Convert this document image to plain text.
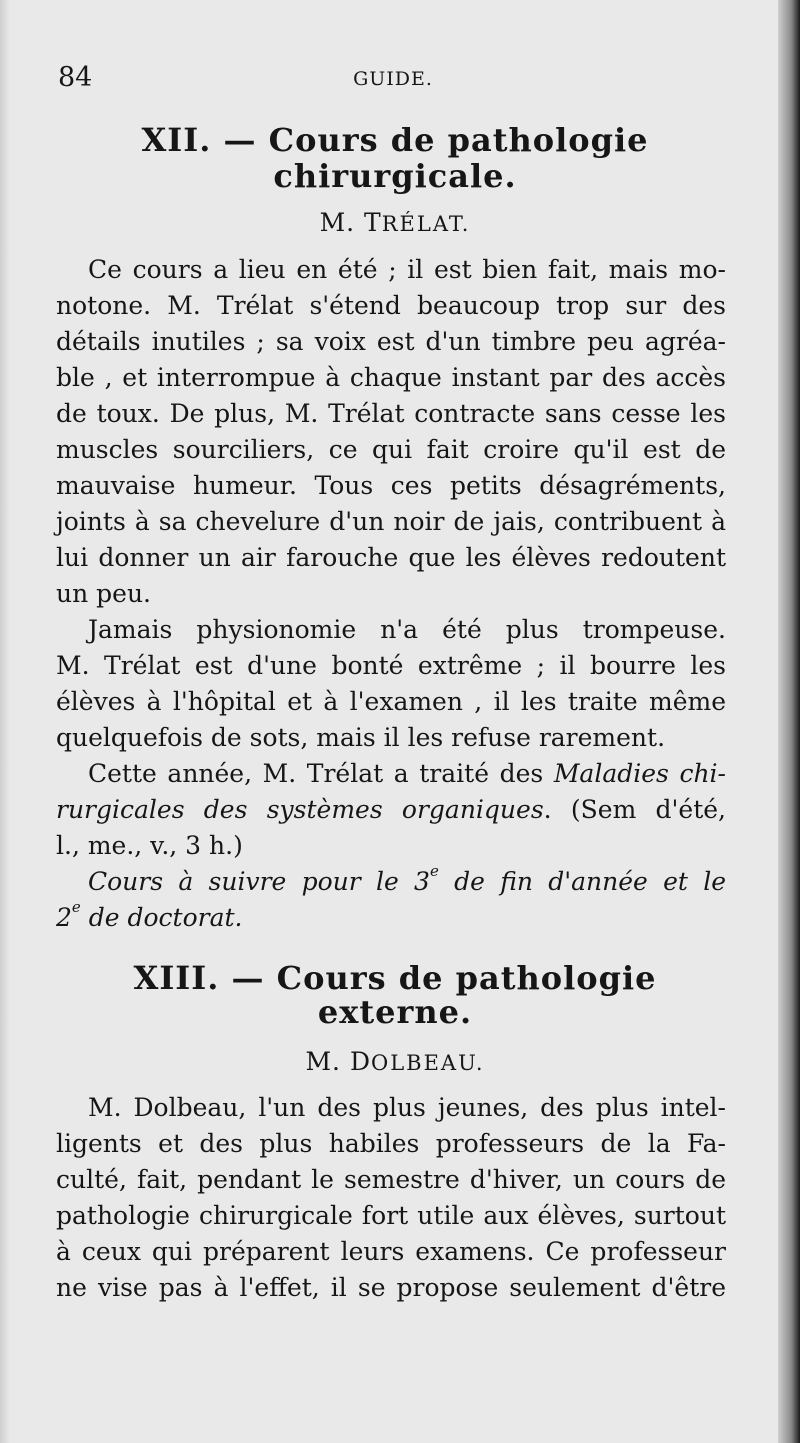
84	GUIDE.
XII. — Cours de pathologie
chirurgicale.
M. TRÉLAT.
Ce cours a lieu en été ; il est bien fait, mais mo-
notone. M. Trélat s'étend beaucoup trop sur des
détails inutiles ; sa voix est d'un timbre peu agréa-
ble , et interrompue à chaque instant par des accès
de toux. De plus, M. Trélat contracte sans cesse les
muscles sourciliers, ce qui fait croire qu'il est de
mauvaise humeur. Tous ces petits désagréments,
joints à sa chevelure d'un noir de jais, contribuent à
lui donner un air farouche que les élèves redoutent
un peu.
Jamais physionomie n'a été plus trompeuse.
M. Trélat est d'une bonté extrême ; il bourre les
élèves à l'hôpital et à l'examen , il les traite même
quelquefois de sots, mais il les refuse rarement.
Cette année, M. Trélat a traité des Maladies chi-
rurgicales des systèmes organiques. (Sem d'été,
l., me., v., 3 h.)
Cours à suivre pour le 3e de fin d'année et le
2e de doctorat.
XIII. — Cours de pathologie
externe.
M. DOLBEAU.
M. Dolbeau, l'un des plus jeunes, des plus intel-
ligents et des plus habiles professeurs de la Fa-
culté, fait, pendant le semestre d'hiver, un cours de
pathologie chirurgicale fort utile aux élèves, surtout
à ceux qui préparent leurs examens. Ce professeur
ne vise pas à l'effet, il se propose seulement d'être
